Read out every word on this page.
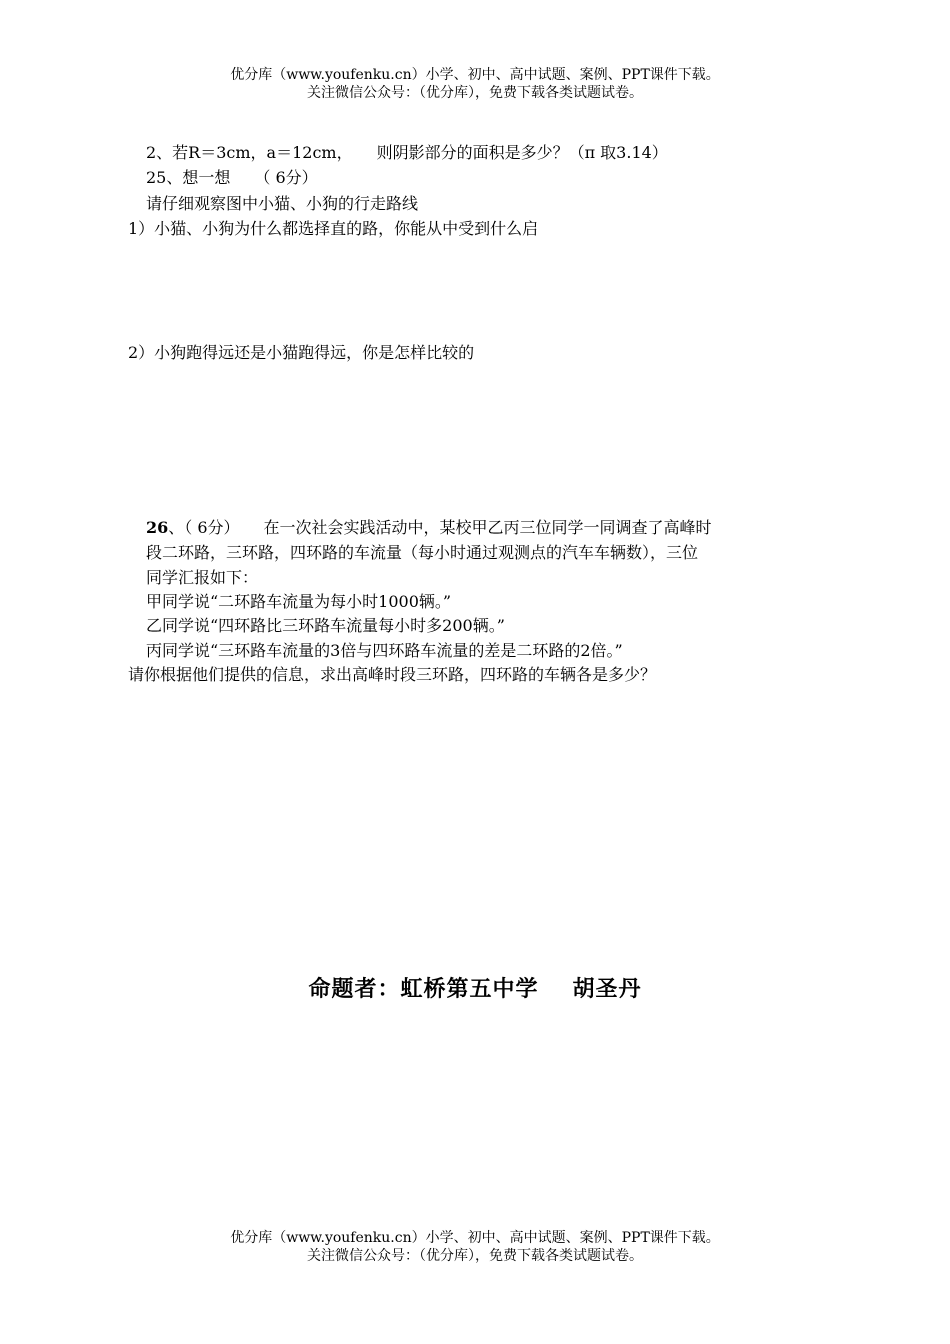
优分库（www.youfenku.cn）小学、初中、高中试题、案例、PPT课件下载。
关注微信公众号：（优分库），免费下载各类试题试卷。
2、若R＝3cm，a＝12cm，　　则阴影部分的面积是多少？（π 取3.14）
25、想一想　　（ 6分）
请仔细观察图中小猫、小狗的行走路线
1）小猫、小狗为什么都选择直的路，你能从中受到什么启
2）小狗跑得远还是小猫跑得远，你是怎样比较的
26、（ 6分）　　在一次社会实践活动中，某校甲乙丙三位同学一同调查了高峰时
段二环路，三环路，四环路的车流量（每小时通过观测点的汽车车辆数），三位
同学汇报如下：
甲同学说“二环路车流量为每小时1000辆。”
乙同学说“四环路比三环路车流量每小时多200辆。”
丙同学说“三环路车流量的3倍与四环路车流量的差是二环路的2倍。”
请你根据他们提供的信息，求出高峰时段三环路，四环路的车辆各是多少？
命题者：虹桥第五中学 胡圣丹
优分库（www.youfenku.cn）小学、初中、高中试题、案例、PPT课件下载。
关注微信公众号：（优分库），免费下载各类试题试卷。
